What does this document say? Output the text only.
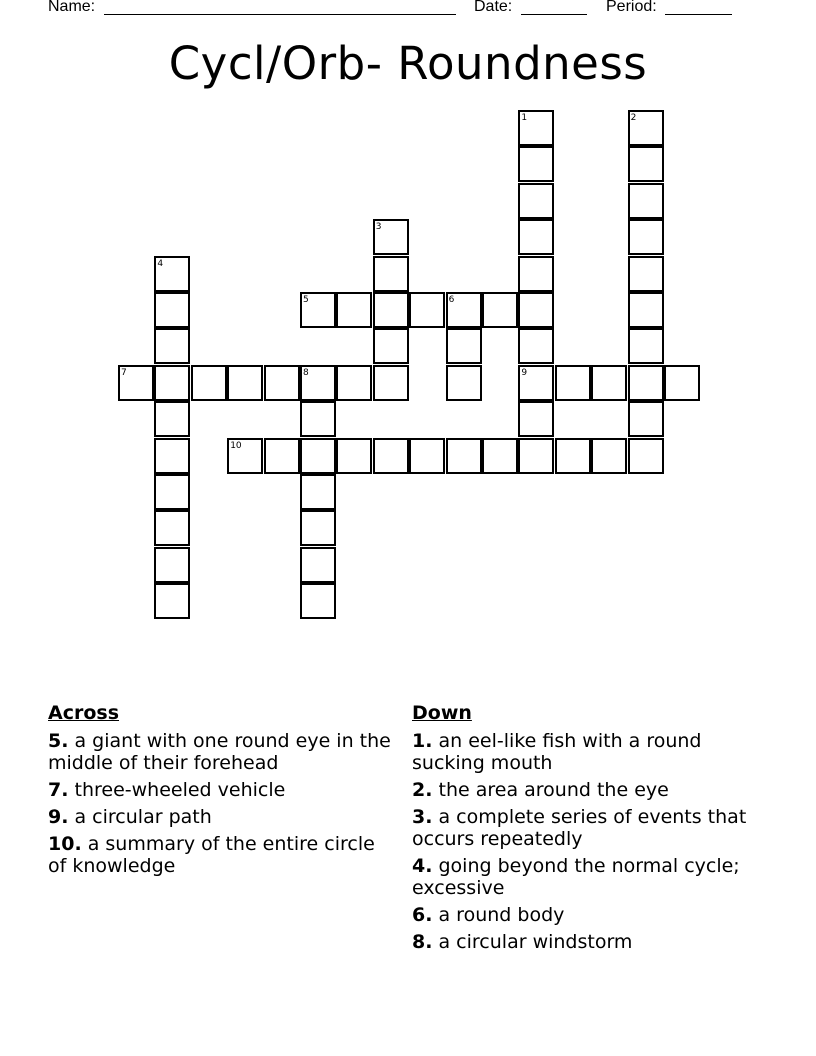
Name:	Date:	Period:
Cycl/Orb- Roundness
5	6
7	8	9
10
1	2
3
4
Across
5. a giant with one round eye in the middle of their forehead
7. three-wheeled vehicle
9. a circular path
10. a summary of the entire circle of knowledge
Down
1. an eel-like fish with a round sucking mouth
2. the area around the eye
3. a complete series of events that occurs repeatedly
4. going beyond the normal cycle; excessive
6. a round body
8. a circular windstorm
